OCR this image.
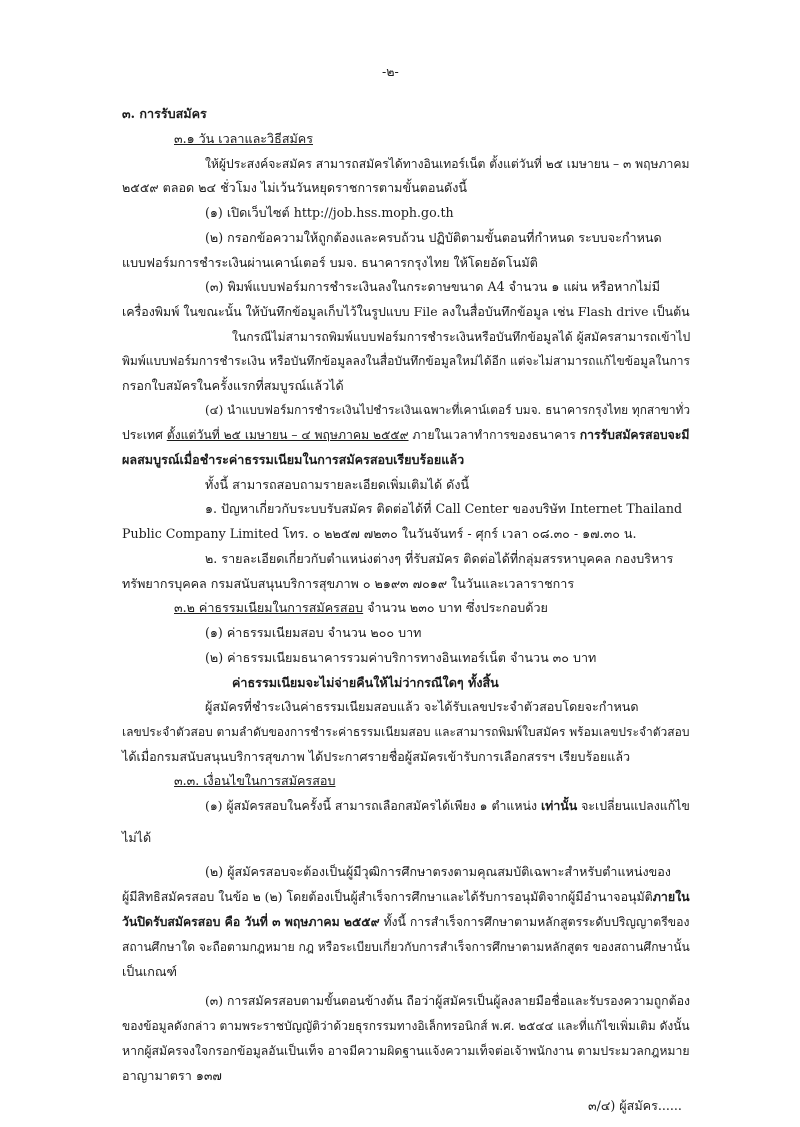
-๒-
๓. การรับสมัคร
๓.๑ วัน เวลาและวิธีสมัคร
ให้ผู้ประสงค์จะสมัคร สามารถสมัครได้ทางอินเทอร์เน็ต ตั้งแต่วันที่ ๒๕ เมษายน – ๓ พฤษภาคม
๒๕๕๙ ตลอด ๒๔ ชั่วโมง ไม่เว้นวันหยุดราชการตามขั้นตอนดังนี้
(๑) เปิดเว็บไซต์ http://job.hss.moph.go.th
(๒) กรอกข้อความให้ถูกต้องและครบถ้วน ปฏิบัติตามขั้นตอนที่กำหนด ระบบจะกำหนด
แบบฟอร์มการชำระเงินผ่านเคาน์เตอร์ บมจ. ธนาคารกรุงไทย ให้โดยอัตโนมัติ
(๓) พิมพ์แบบฟอร์มการชำระเงินลงในกระดาษขนาด A4 จำนวน ๑ แผ่น หรือหากไม่มี
เครื่องพิมพ์ ในขณะนั้น ให้บันทึกข้อมูลเก็บไว้ในรูปแบบ File ลงในสื่อบันทึกข้อมูล เช่น Flash drive เป็นต้น
ในกรณีไม่สามารถพิมพ์แบบฟอร์มการชำระเงินหรือบันทึกข้อมูลได้ ผู้สมัครสามารถเข้าไป
พิมพ์แบบฟอร์มการชำระเงิน หรือบันทึกข้อมูลลงในสื่อบันทึกข้อมูลใหม่ได้อีก แต่จะไม่สามารถแก้ไขข้อมูลในการ
กรอกใบสมัครในครั้งแรกที่สมบูรณ์แล้วได้
(๔) นำแบบฟอร์มการชำระเงินไปชำระเงินเฉพาะที่เคาน์เตอร์ บมจ. ธนาคารกรุงไทย ทุกสาขาทั่ว
ประเทศ ตั้งแต่วันที่ ๒๕ เมษายน – ๔ พฤษภาคม ๒๕๕๙ ภายในเวลาทำการของธนาคาร การรับสมัครสอบจะมี
ผลสมบูรณ์เมื่อชำระค่าธรรมเนียมในการสมัครสอบเรียบร้อยแล้ว
ทั้งนี้ สามารถสอบถามรายละเอียดเพิ่มเติมได้ ดังนี้
๑. ปัญหาเกี่ยวกับระบบรับสมัคร ติดต่อได้ที่ Call Center ของบริษัท Internet Thailand
Public Company Limited โทร. ๐ ๒๒๕๗ ๗๒๓๐ ในวันจันทร์ - ศุกร์ เวลา ๐๘.๓๐ - ๑๗.๓๐ น.
๒. รายละเอียดเกี่ยวกับตำแหน่งต่างๆ ที่รับสมัคร ติดต่อได้ที่กลุ่มสรรหาบุคคล กองบริหาร
ทรัพยากรบุคคล กรมสนับสนุนบริการสุขภาพ ๐ ๒๑๙๓ ๗๐๑๙ ในวันและเวลาราชการ
๓.๒ ค่าธรรมเนียมในการสมัครสอบ จำนวน ๒๓๐ บาท ซึ่งประกอบด้วย
(๑) ค่าธรรมเนียมสอบ จำนวน ๒๐๐ บาท
(๒) ค่าธรรมเนียมธนาคารรวมค่าบริการทางอินเทอร์เน็ต จำนวน ๓๐ บาท
ค่าธรรมเนียมจะไม่จ่ายคืนให้ไม่ว่ากรณีใดๆ ทั้งสิ้น
ผู้สมัครที่ชำระเงินค่าธรรมเนียมสอบแล้ว จะได้รับเลขประจำตัวสอบโดยจะกำหนด
เลขประจำตัวสอบ ตามลำดับของการชำระค่าธรรมเนียมสอบ และสามารถพิมพ์ใบสมัคร พร้อมเลขประจำตัวสอบ
ได้เมื่อกรมสนับสนุนบริการสุขภาพ ได้ประกาศรายชื่อผู้สมัครเข้ารับการเลือกสรรฯ เรียบร้อยแล้ว
๓.๓. เงื่อนไขในการสมัครสอบ
(๑) ผู้สมัครสอบในครั้งนี้ สามารถเลือกสมัครได้เพียง ๑ ตำแหน่ง เท่านั้น จะเปลี่ยนแปลงแก้ไข
ไม่ได้
(๒) ผู้สมัครสอบจะต้องเป็นผู้มีวุฒิการศึกษาตรงตามคุณสมบัติเฉพาะสำหรับตำแหน่งของ
ผู้มีสิทธิสมัครสอบ ในข้อ ๒ (๒) โดยต้องเป็นผู้สำเร็จการศึกษาและได้รับการอนุมัติจากผู้มีอำนาจอนุมัติภายใน
วันปิดรับสมัครสอบ คือ วันที่ ๓ พฤษภาคม ๒๕๕๙ ทั้งนี้ การสำเร็จการศึกษาตามหลักสูตรระดับปริญญาตรีของ
สถานศึกษาใด จะถือตามกฎหมาย กฎ หรือระเบียบเกี่ยวกับการสำเร็จการศึกษาตามหลักสูตร ของสถานศึกษานั้น
เป็นเกณฑ์
(๓) การสมัครสอบตามขั้นตอนข้างต้น ถือว่าผู้สมัครเป็นผู้ลงลายมือชื่อและรับรองความถูกต้อง
ของข้อมูลดังกล่าว ตามพระราชบัญญัติว่าด้วยธุรกรรมทางอิเล็กทรอนิกส์ พ.ศ. ๒๕๔๔ และที่แก้ไขเพิ่มเติม ดังนั้น
หากผู้สมัครจงใจกรอกข้อมูลอันเป็นเท็จ อาจมีความผิดฐานแจ้งความเท็จต่อเจ้าพนักงาน ตามประมวลกฎหมาย
อาญามาตรา ๑๓๗
๓/๔) ผู้สมัคร......
